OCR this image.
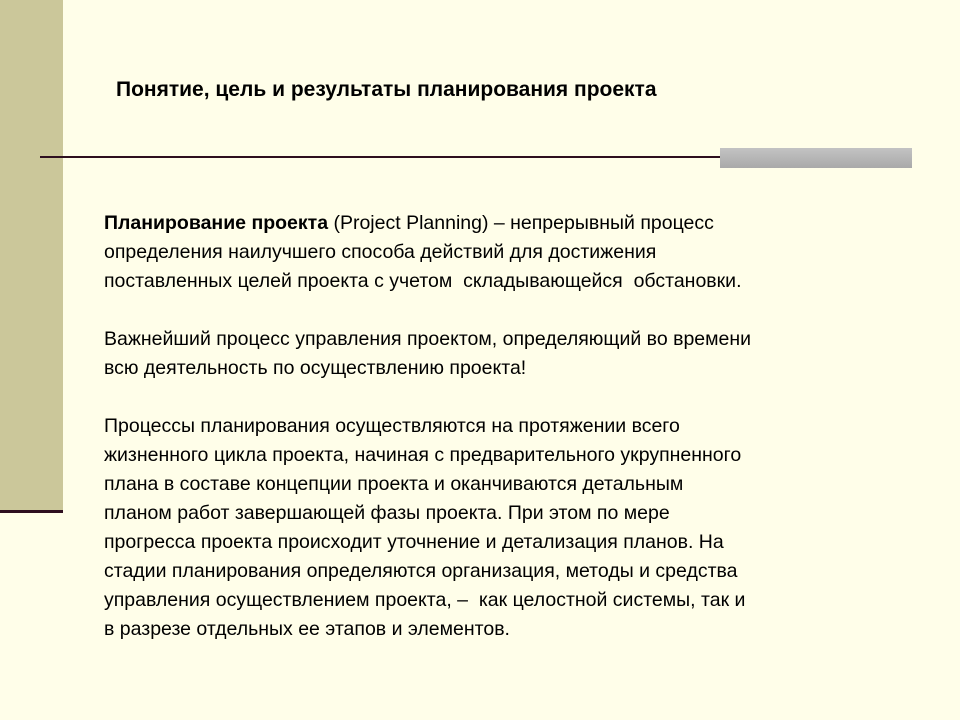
Понятие, цель и результаты планирования проекта

Планирование проекта (Project Planning) – непрерывный процесс
определения наилучшего способа действий для достижения
поставленных целей проекта с учетом  складывающейся  обстановки.

Важнейший процесс управления проектом, определяющий во времени
всю деятельность по осуществлению проекта!

Процессы планирования осуществляются на протяжении всего
жизненного цикла проекта, начиная с предварительного укрупненного
плана в составе концепции проекта и оканчиваются детальным
планом работ завершающей фазы проекта. При этом по мере
прогресса проекта происходит уточнение и детализация планов. На
стадии планирования определяются организация, методы и средства
управления осуществлением проекта, –  как целостной системы, так и
в разрезе отдельных ее этапов и элементов.
